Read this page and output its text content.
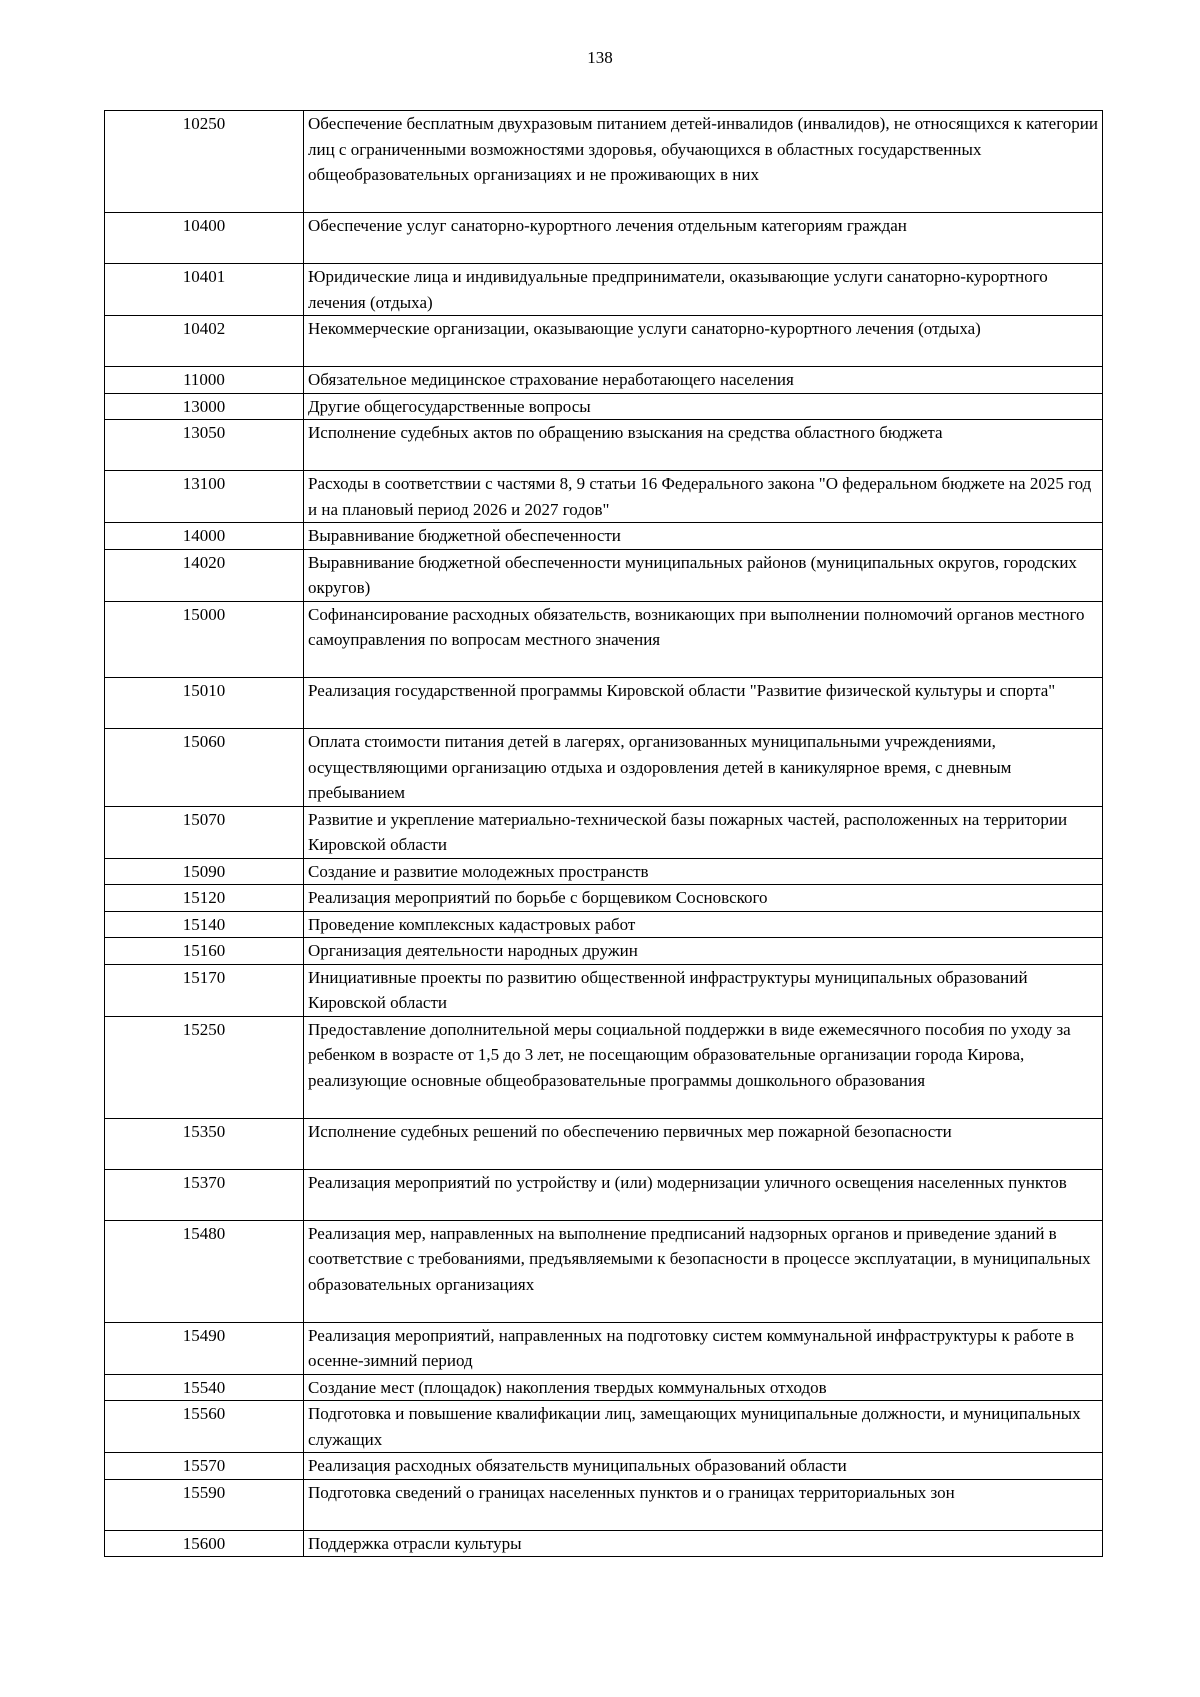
138
10250	Обеспечение бесплатным двухразовым питанием детей-инвалидов (инвалидов), не относящихся к категории лиц с ограниченными возможностями здоровья, обучающихся в областных государственных общеобразовательных организациях и не проживающих в них
10400	Обеспечение услуг санаторно-курортного лечения отдельным категориям граждан
10401	Юридические лица и индивидуальные предприниматели, оказывающие услуги санаторно-курортного лечения (отдыха)
10402	Некоммерческие организации, оказывающие услуги санаторно-курортного лечения (отдыха)
11000	Обязательное медицинское страхование неработающего населения
13000	Другие общегосударственные вопросы
13050	Исполнение судебных актов по обращению взыскания на средства областного бюджета
13100	Расходы в соответствии с частями 8, 9 статьи 16 Федерального закона "О федеральном бюджете на 2025 год и на плановый период 2026 и 2027 годов"
14000	Выравнивание бюджетной обеспеченности
14020	Выравнивание бюджетной обеспеченности муниципальных районов (муниципальных округов, городских округов)
15000	Софинансирование расходных обязательств, возникающих при выполнении полномочий органов местного самоуправления по вопросам местного значения
15010	Реализация государственной программы Кировской области "Развитие физической культуры и спорта"
15060	Оплата стоимости питания детей в лагерях, организованных муниципальными учреждениями, осуществляющими организацию отдыха и оздоровления детей в каникулярное время, с дневным пребыванием
15070	Развитие и укрепление материально-технической базы пожарных частей, расположенных на территории Кировской области
15090	Создание и развитие молодежных пространств
15120	Реализация мероприятий по борьбе с борщевиком Сосновского
15140	Проведение комплексных кадастровых работ
15160	Организация деятельности народных дружин
15170	Инициативные проекты по развитию общественной инфраструктуры муниципальных образований Кировской области
15250	Предоставление дополнительной меры социальной поддержки в виде ежемесячного пособия по уходу за ребенком в возрасте от 1,5 до 3 лет, не посещающим образовательные организации города Кирова, реализующие основные общеобразовательные программы дошкольного образования
15350	Исполнение судебных решений по обеспечению первичных мер пожарной безопасности
15370	Реализация мероприятий по устройству и (или) модернизации уличного освещения населенных пунктов
15480	Реализация мер, направленных на выполнение предписаний надзорных органов и приведение зданий в соответствие с требованиями, предъявляемыми к безопасности в процессе эксплуатации, в муниципальных образовательных организациях
15490	Реализация мероприятий, направленных на подготовку систем коммунальной инфраструктуры к работе в осенне-зимний период
15540	Создание мест (площадок) накопления твердых коммунальных отходов
15560	Подготовка и повышение квалификации лиц, замещающих муниципальные должности, и муниципальных служащих
15570	Реализация расходных обязательств муниципальных образований области
15590	Подготовка сведений о границах населенных пунктов и о границах территориальных зон
15600	Поддержка отрасли культуры
